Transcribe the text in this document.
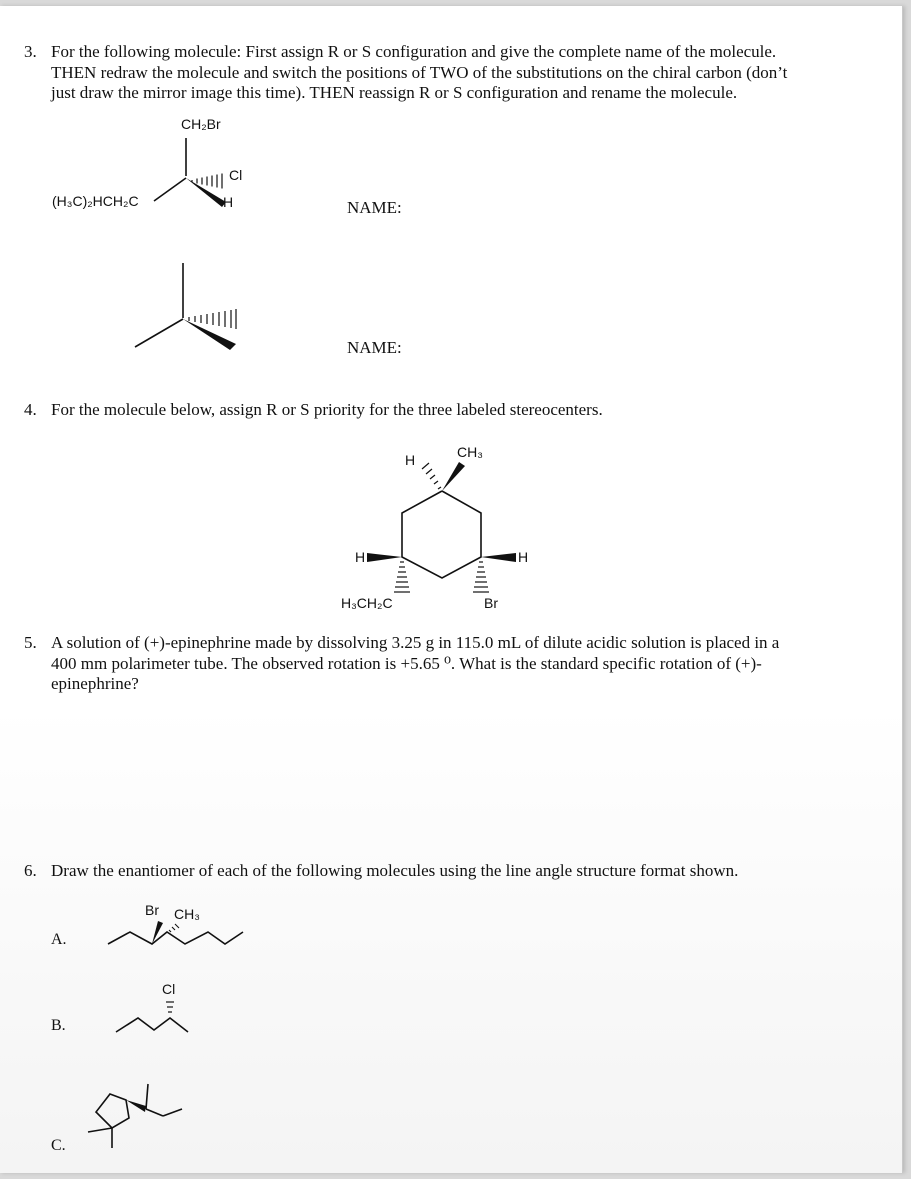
3. For the following molecule: First assign R or S configuration and give the complete name of the molecule.
THEN redraw the molecule and switch the positions of TWO of the substitutions on the chiral carbon (don’t
just draw the mirror image this time). THEN reassign R or S configuration and rename the molecule.
CH₂Br
Cl
H
(H₃C)₂HCH₂C	NAME:
NAME:
4. For the molecule below, assign R or S priority for the three labeled stereocenters.
H	CH₃
H	H
H₃CH₂C	Br
5. A solution of (+)-epinephrine made by dissolving 3.25 g in 115.0 mL of dilute acidic solution is placed in a
400 mm polarimeter tube. The observed rotation is +5.65 ⁰. What is the standard specific rotation of (+)-
epinephrine?
6. Draw the enantiomer of each of the following molecules using the line angle structure format shown.
A.
Br CH₃
B.
Cl
C.
